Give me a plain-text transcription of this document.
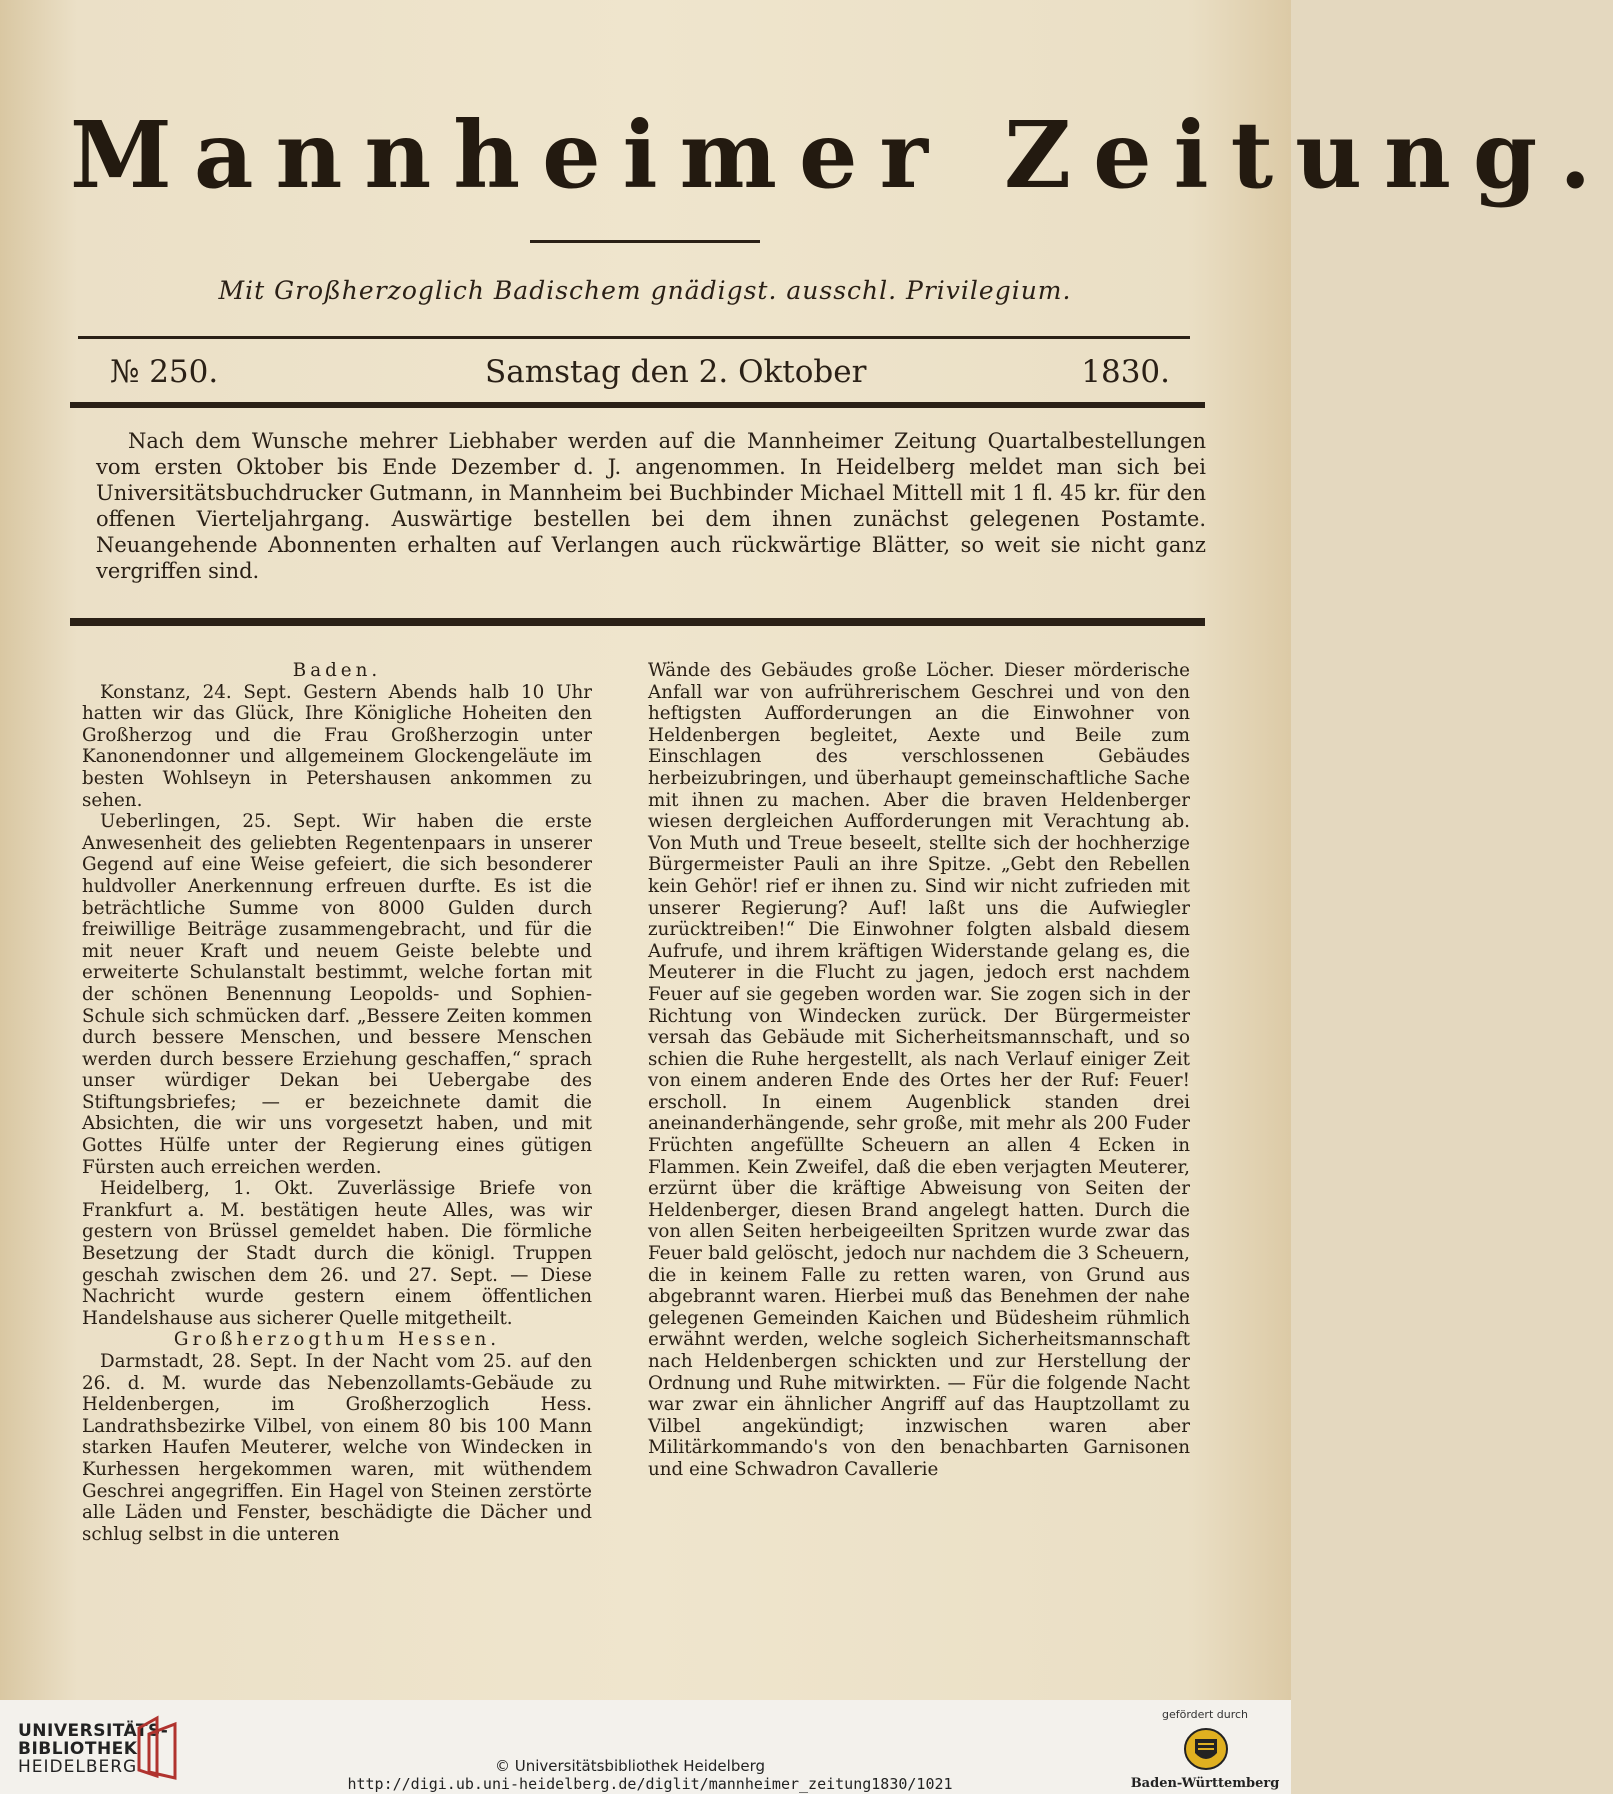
Mannheimer Zeitung.
Mit Großherzoglich Badischem gnädigst. ausschl. Privilegium.
№ 250.	Samstag den 2. Oktober	1830.
Nach dem Wunsche mehrer Liebhaber werden auf die Mannheimer Zeitung Quartalbestellungen vom ersten Oktober bis Ende Dezember d. J. angenommen. In Heidelberg meldet man sich bei Universitätsbuchdrucker Gutmann, in Mannheim bei Buchbinder Michael Mittell mit 1 fl. 45 kr. für den offenen Vierteljahrgang. Auswärtige bestellen bei dem ihnen zunächst gelegenen Postamte. Neuangehende Abonnenten erhalten auf Verlangen auch rückwärtige Blätter, so weit sie nicht ganz vergriffen sind.

Baden.

Konstanz, 24. Sept. Gestern Abends halb 10 Uhr hatten wir das Glück, Ihre Königliche Hoheiten den Großherzog und die Frau Großherzogin unter Kanonendonner und allgemeinem Glockengeläute im besten Wohlseyn in Petershausen ankommen zu sehen.

Ueberlingen, 25. Sept. Wir haben die erste Anwesenheit des geliebten Regentenpaars in unserer Gegend auf eine Weise gefeiert, die sich besonderer huldvoller Anerkennung erfreuen durfte. Es ist die beträchtliche Summe von 8000 Gulden durch freiwillige Beiträge zusammengebracht, und für die mit neuer Kraft und neuem Geiste belebte und erweiterte Schulanstalt bestimmt, welche fortan mit der schönen Benennung Leopolds- und Sophien-Schule sich schmücken darf. „Bessere Zeiten kommen durch bessere Menschen, und bessere Menschen werden durch bessere Erziehung geschaffen,“ sprach unser würdiger Dekan bei Uebergabe des Stiftungsbriefes; — er bezeichnete damit die Absichten, die wir uns vorgesetzt haben, und mit Gottes Hülfe unter der Regierung eines gütigen Fürsten auch erreichen werden.

Heidelberg, 1. Okt. Zuverlässige Briefe von Frankfurt a. M. bestätigen heute Alles, was wir gestern von Brüssel gemeldet haben. Die förmliche Besetzung der Stadt durch die königl. Truppen geschah zwischen dem 26. und 27. Sept. — Diese Nachricht wurde gestern einem öffentlichen Handelshause aus sicherer Quelle mitgetheilt.

Großherzogthum Hessen.

Darmstadt, 28. Sept. In der Nacht vom 25. auf den 26. d. M. wurde das Nebenzollamts-Gebäude zu Heldenbergen, im Großherzoglich Hess. Landrathsbezirke Vilbel, von einem 80 bis 100 Mann starken Haufen Meuterer, welche von Windecken in Kurhessen hergekommen waren, mit wüthendem Geschrei angegriffen. Ein Hagel von Steinen zerstörte alle Läden und Fenster, beschädigte die Dächer und schlug selbst in die unteren

Wände des Gebäudes große Löcher. Dieser mörderische Anfall war von aufrührerischem Geschrei und von den heftigsten Aufforderungen an die Einwohner von Heldenbergen begleitet, Aexte und Beile zum Einschlagen des verschlossenen Gebäudes herbeizubringen, und überhaupt gemeinschaftliche Sache mit ihnen zu machen. Aber die braven Heldenberger wiesen dergleichen Aufforderungen mit Verachtung ab. Von Muth und Treue beseelt, stellte sich der hochherzige Bürgermeister Pauli an ihre Spitze. „Gebt den Rebellen kein Gehör! rief er ihnen zu. Sind wir nicht zufrieden mit unserer Regierung? Auf! laßt uns die Aufwiegler zurücktreiben!“ Die Einwohner folgten alsbald diesem Aufrufe, und ihrem kräftigen Widerstande gelang es, die Meuterer in die Flucht zu jagen, jedoch erst nachdem Feuer auf sie gegeben worden war. Sie zogen sich in der Richtung von Windecken zurück. Der Bürgermeister versah das Gebäude mit Sicherheitsmannschaft, und so schien die Ruhe hergestellt, als nach Verlauf einiger Zeit von einem anderen Ende des Ortes her der Ruf: Feuer! erscholl. In einem Augenblick standen drei aneinanderhängende, sehr große, mit mehr als 200 Fuder Früchten angefüllte Scheuern an allen 4 Ecken in Flammen. Kein Zweifel, daß die eben verjagten Meuterer, erzürnt über die kräftige Abweisung von Seiten der Heldenberger, diesen Brand angelegt hatten. Durch die von allen Seiten herbeigeeilten Spritzen wurde zwar das Feuer bald gelöscht, jedoch nur nachdem die 3 Scheuern, die in keinem Falle zu retten waren, von Grund aus abgebrannt waren. Hierbei muß das Benehmen der nahe gelegenen Gemeinden Kaichen und Büdesheim rühmlich erwähnt werden, welche sogleich Sicherheitsmannschaft nach Heldenbergen schickten und zur Herstellung der Ordnung und Ruhe mitwirkten. — Für die folgende Nacht war zwar ein ähnlicher Angriff auf das Hauptzollamt zu Vilbel angekündigt; inzwischen waren aber Militärkommando's von den benachbarten Garnisonen und eine Schwadron Cavallerie

UNIVERSITÄTS-
BIBLIOTHEK
HEIDELBERG	© Universitätsbibliothek Heidelberg
http://digi.ub.uni-heidelberg.de/diglit/mannheimer_zeitung1830/1021
gefördert durch
Baden-Württemberg
